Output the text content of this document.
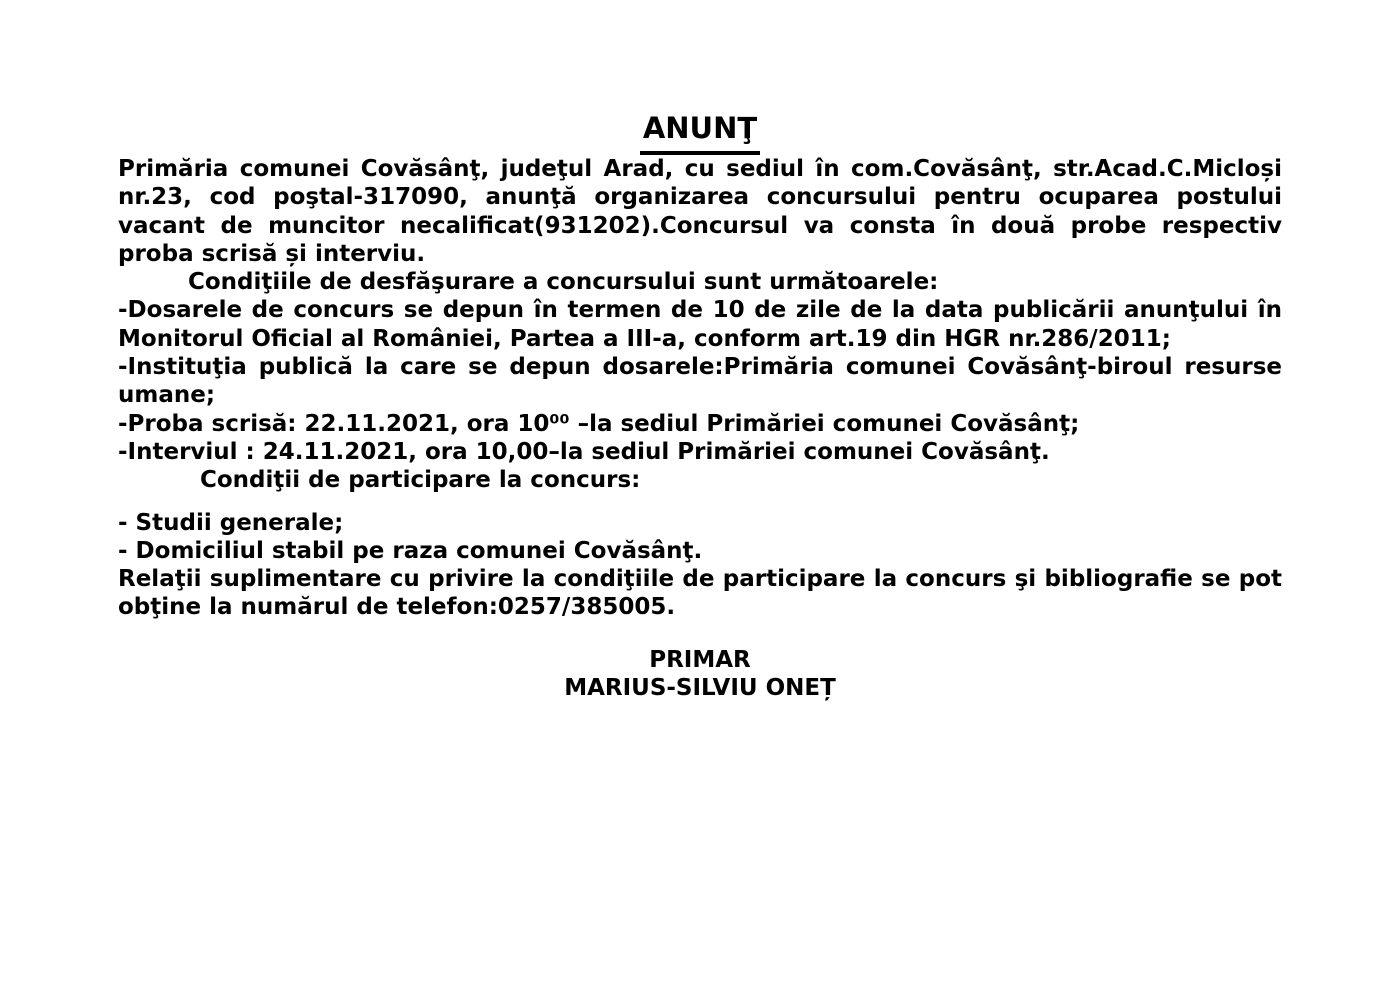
ANUNŢ
Primăria comunei Covăsânţ, judeţul Arad, cu sediul în com.Covăsânţ, str.Acad.C.Micloși
nr.23, cod poştal-317090, anunţă organizarea concursului pentru ocuparea postului
vacant de muncitor necalificat(931202).Concursul va consta în două probe respectiv
proba scrisă și interviu.
Condiţiile de desfăşurare a concursului sunt următoarele:
-Dosarele de concurs se depun în termen de 10 de zile de la data publicării anunţului în
Monitorul Oficial al României, Partea a III-a, conform art.19 din HGR nr.286/2011;
-Instituţia publică la care se depun dosarele:Primăria comunei Covăsânţ-biroul resurse
umane;
-Proba scrisă: 22.11.2021, ora 10⁰⁰ –la sediul Primăriei comunei Covăsânţ;
-Interviul : 24.11.2021, ora 10,00–la sediul Primăriei comunei Covăsânţ.
Condiţii de participare la concurs:
- Studii generale;
- Domiciliul stabil pe raza comunei Covăsânţ.
Relaţii suplimentare cu privire la condiţiile de participare la concurs şi bibliografie se pot
obţine la numărul de telefon:0257/385005.
PRIMAR
MARIUS-SILVIU ONEȚ
